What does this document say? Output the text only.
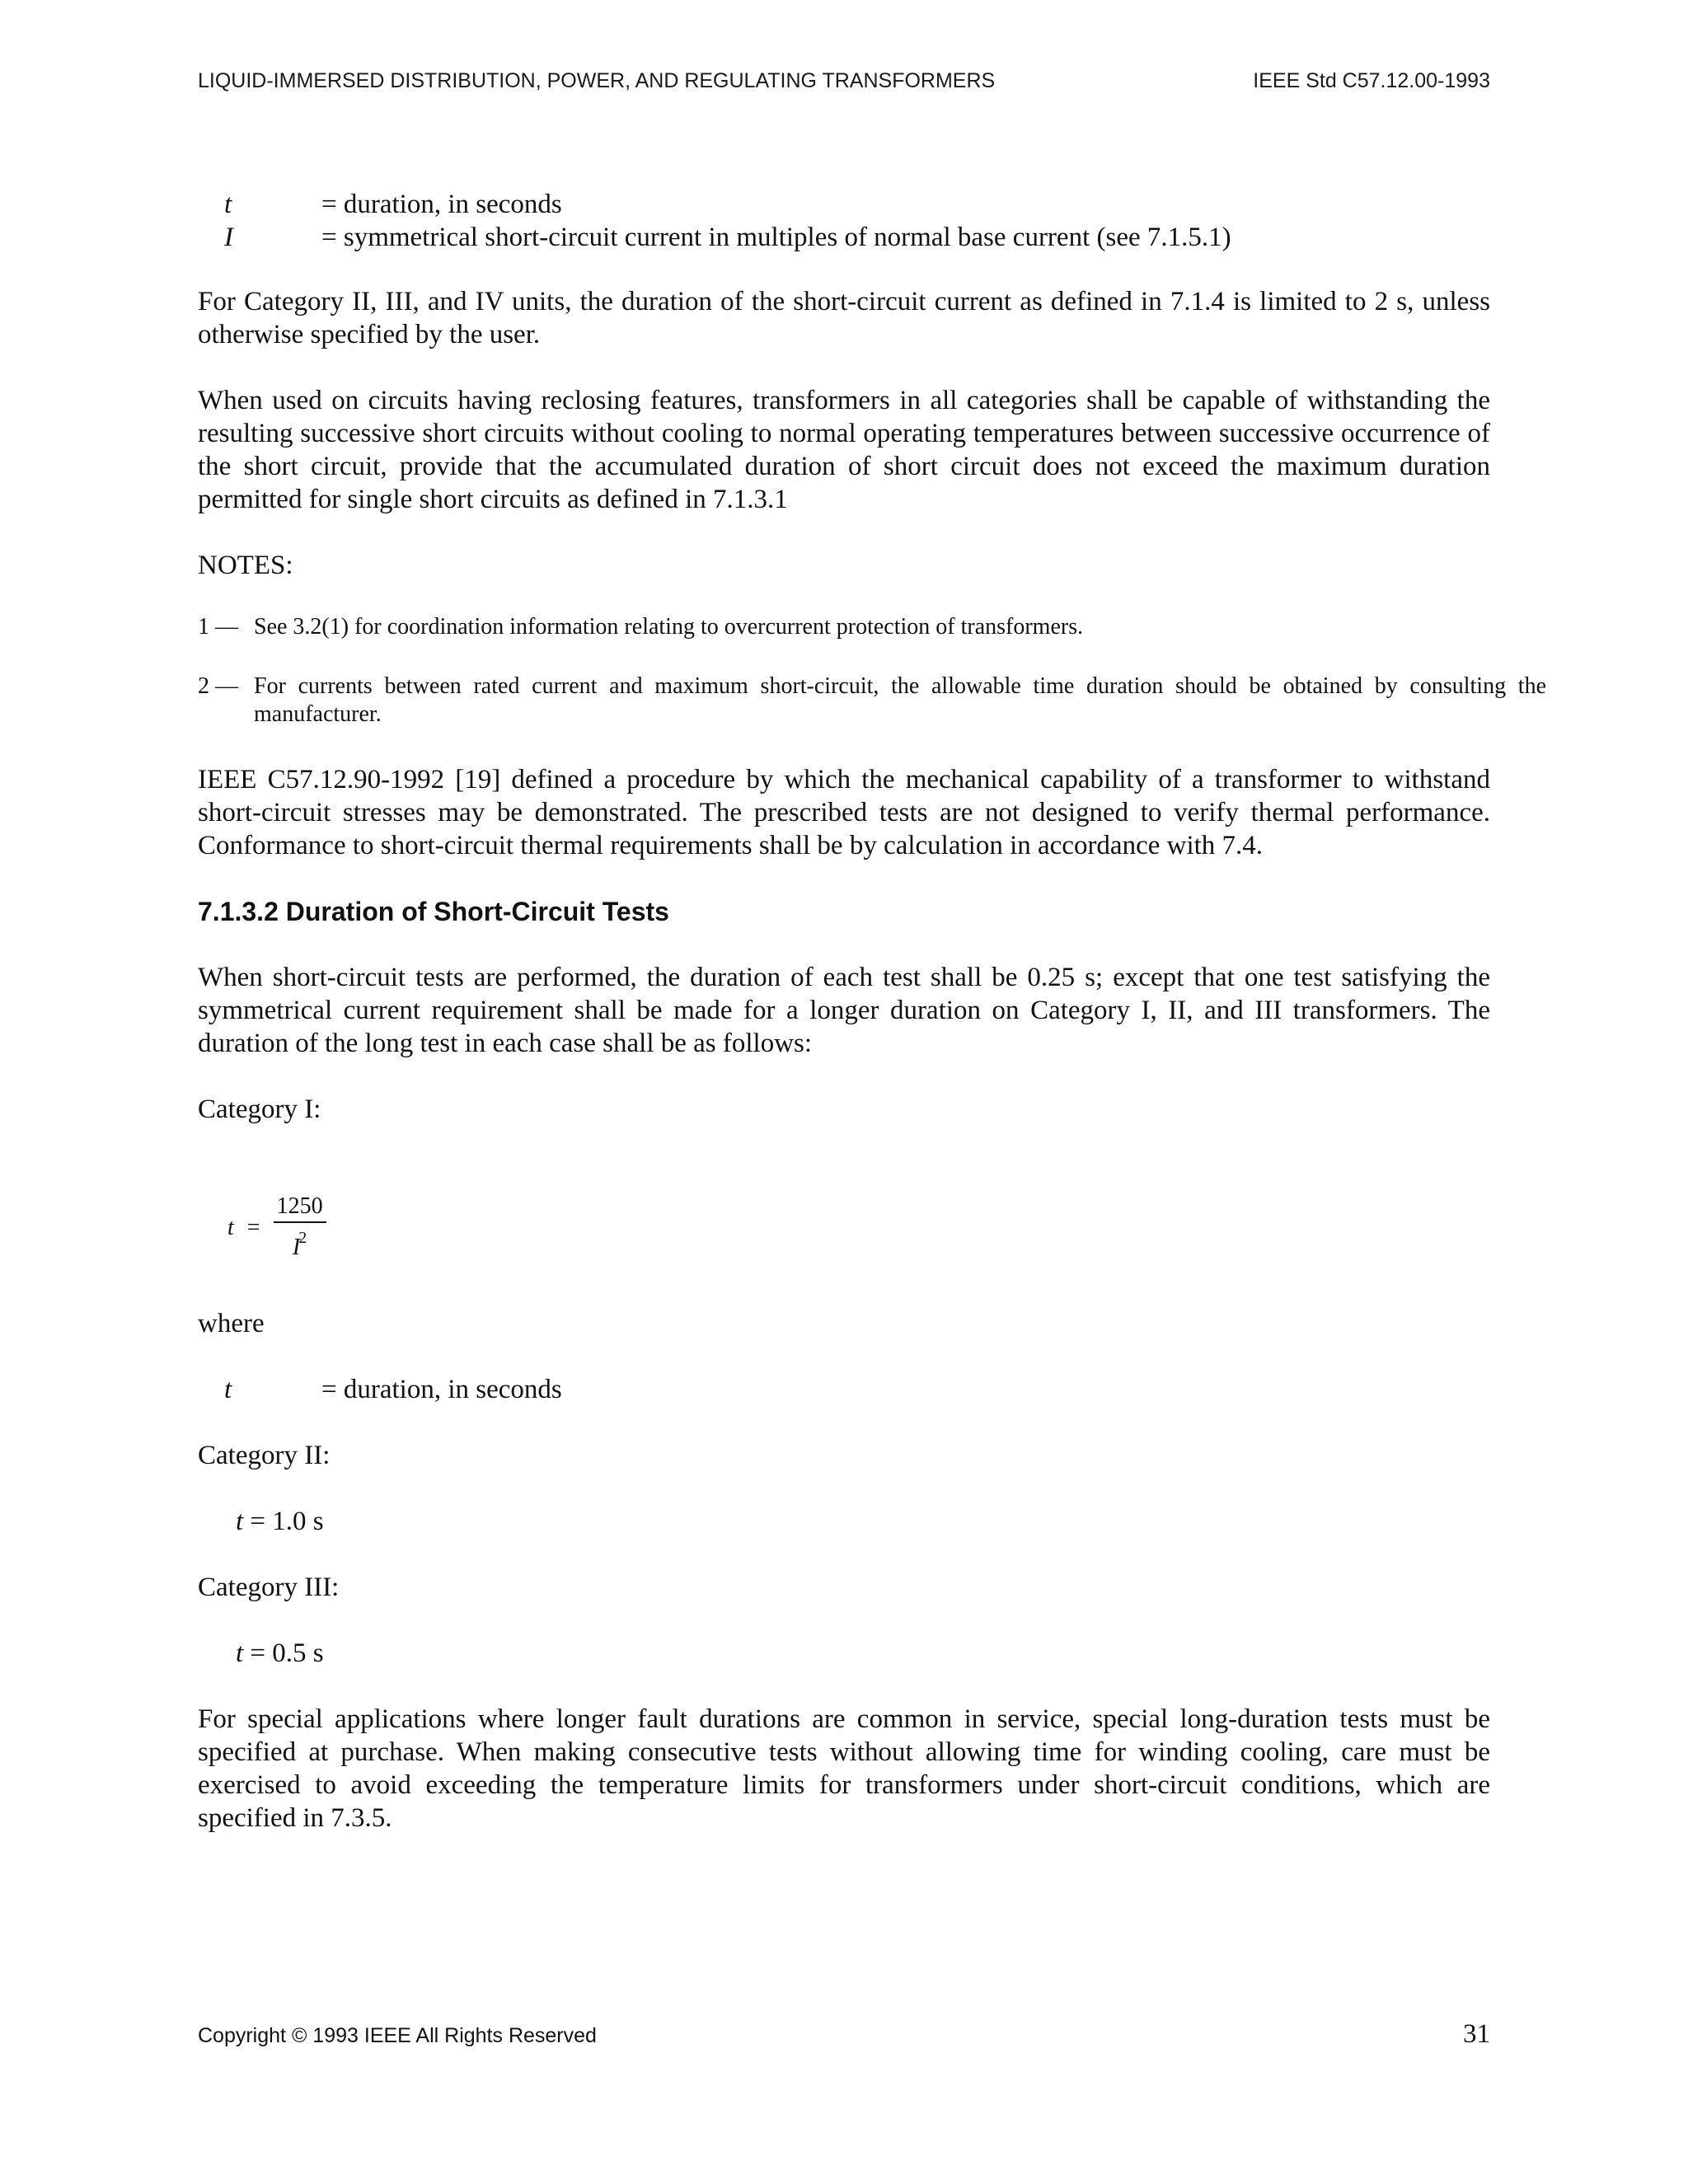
LIQUID-IMMERSED DISTRIBUTION, POWER, AND REGULATING TRANSFORMERS	IEEE Std C57.12.00-1993
t	= duration, in seconds
I	= symmetrical short-circuit current in multiples of normal base current (see 7.1.5.1)

For Category II, III, and IV units, the duration of the short-circuit current as defined in 7.1.4 is limited to 2 s, unless otherwise specified by the user.

When used on circuits having reclosing features, transformers in all categories shall be capable of withstanding the resulting successive short circuits without cooling to normal operating temperatures between successive occurrence of the short circuit, provide that the accumulated duration of short circuit does not exceed the maximum duration permitted for single short circuits as defined in 7.1.3.1

NOTES:

1 — See 3.2(1) for coordination information relating to overcurrent protection of transformers.

2 — For currents between rated current and maximum short-circuit, the allowable time duration should be obtained by consulting the manufacturer.

IEEE C57.12.90-1992 [19] defined a procedure by which the mechanical capability of a transformer to withstand short-circuit stresses may be demonstrated. The prescribed tests are not designed to verify thermal performance. Conformance to short-circuit thermal requirements shall be by calculation in accordance with 7.4.

7.1.3.2 Duration of Short-Circuit Tests

When short-circuit tests are performed, the duration of each test shall be 0.25 s; except that one test satisfying the symmetrical current requirement shall be made for a longer duration on Category I, II, and III transformers. The duration of the long test in each case shall be as follows:

Category I:

$t = \frac{1250}{I^2}$

where

t	= duration, in seconds

Category II:

t = 1.0 s

Category III:

t = 0.5 s

For special applications where longer fault durations are common in service, special long-duration tests must be specified at purchase. When making consecutive tests without allowing time for winding cooling, care must be exercised to avoid exceeding the temperature limits for transformers under short-circuit conditions, which are specified in 7.3.5.

Copyright © 1993 IEEE All Rights Reserved	31
